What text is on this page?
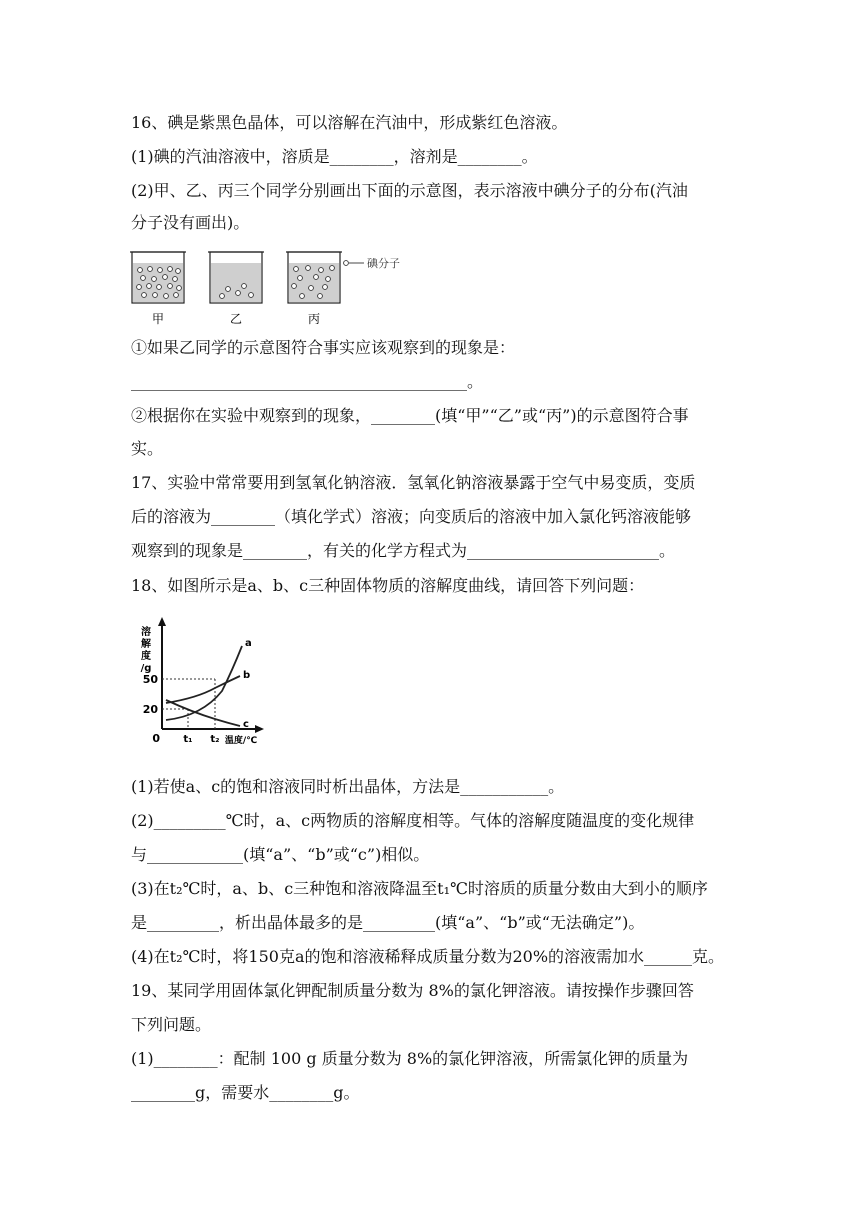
16、碘是紫黑色晶体，可以溶解在汽油中，形成紫红色溶液。
(1)碘的汽油溶液中，溶质是________，溶剂是________。
(2)甲、乙、丙三个同学分别画出下面的示意图，表示溶液中碘分子的分布(汽油
分子没有画出)。
碘分子
甲	乙	丙
①如果乙同学的示意图符合事实应该观察到的现象是：
__________________________________________。
②根据你在实验中观察到的现象，________(填“甲”“乙”或“丙”)的示意图符合事
实。
17、实验中常常要用到氢氧化钠溶液．氢氧化钠溶液暴露于空气中易变质，变质
后的溶液为________（填化学式）溶液；向变质后的溶液中加入氯化钙溶液能够
观察到的现象是________，有关的化学方程式为________________________。
18、如图所示是a、b、c三种固体物质的溶解度曲线，请回答下列问题：
溶
解
度
/g
50
20
0 t₁ t₂ 温度/℃
a
b
c
(1)若使a、c的饱和溶液同时析出晶体，方法是___________。
(2)_________℃时，a、c两物质的溶解度相等。气体的溶解度随温度的变化规律
与____________(填“a”、“b”或“c”)相似。
(3)在t₂℃时，a、b、c三种饱和溶液降温至t₁℃时溶质的质量分数由大到小的顺序
是_________，析出晶体最多的是_________(填“a”、“b”或“无法确定”)。
(4)在t₂℃时，将150克a的饱和溶液稀释成质量分数为20%的溶液需加水______克。
19、某同学用固体氯化钾配制质量分数为 8%的氯化钾溶液。请按操作步骤回答
下列问题。
(1)________：配制 100 g 质量分数为 8%的氯化钾溶液，所需氯化钾的质量为
________g，需要水________g。
